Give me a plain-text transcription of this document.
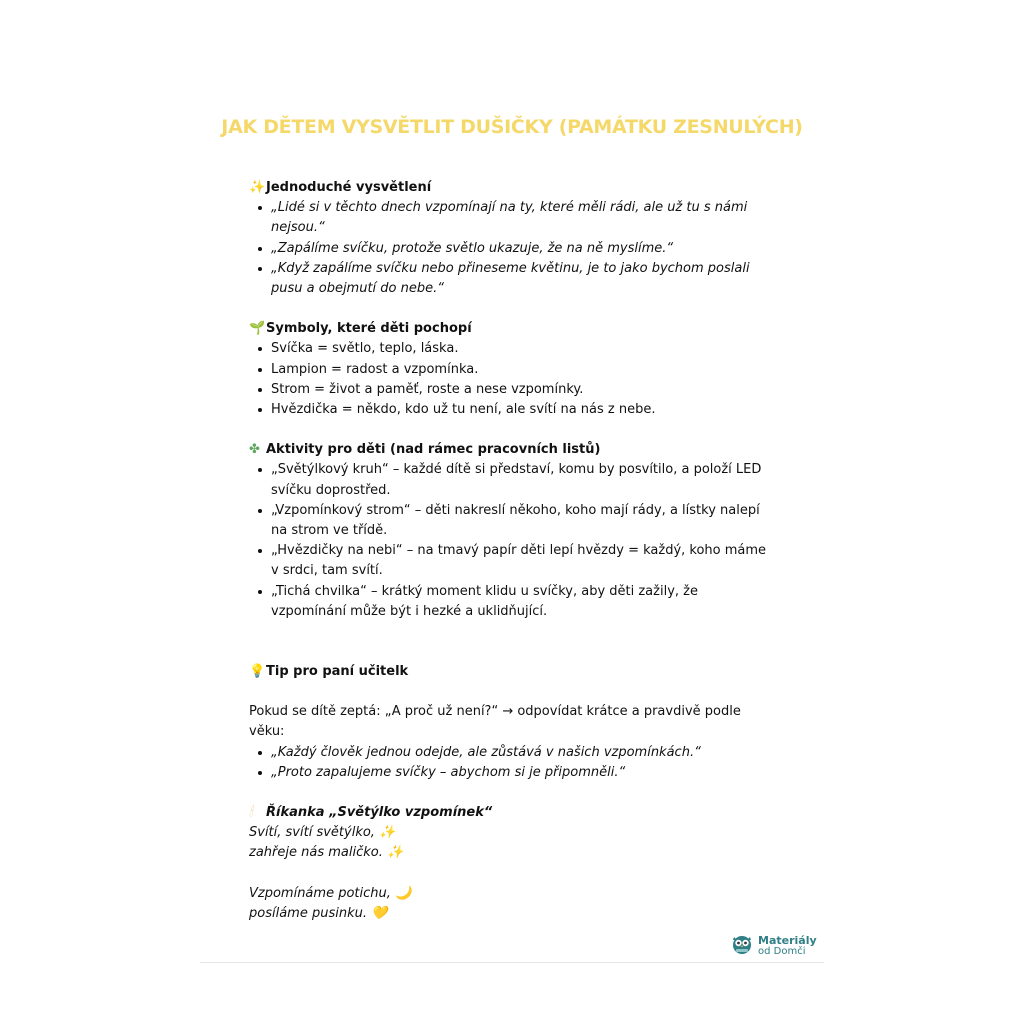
JAK DĚTEM VYSVĚTLIT DUŠIČKY (PAMÁTKU ZESNULÝCH)
✨ Jednoduché vysvětlení
„Lidé si v těchto dnech vzpomínají na ty, které měli rádi, ale už tu s námi nejsou.“
„Zapálíme svíčku, protože světlo ukazuje, že na ně myslíme.“
„Když zapálíme svíčku nebo přineseme květinu, je to jako bychom poslali pusu a obejmutí do nebe.“
🌱 Symboly, které děti pochopí
Svíčka = světlo, teplo, láska.
Lampion = radost a vzpomínka.
Strom = život a paměť, roste a nese vzpomínky.
Hvězdička = někdo, kdo už tu není, ale svítí na nás z nebe.
✤ Aktivity pro děti (nad rámec pracovních listů)
„Světýlkový kruh“ – každé dítě si představí, komu by posvítilo, a položí LED svíčku doprostřed.
„Vzpomínkový strom“ – děti nakreslí někoho, koho mají rády, a lístky nalepí na strom ve třídě.
„Hvězdičky na nebi“ – na tmavý papír děti lepí hvězdy = každý, koho máme v srdci, tam svítí.
„Tichá chvilka“ – krátký moment klidu u svíčky, aby děti zažily, že vzpomínání může být i hezké a uklidňující.
💡 Tip pro paní učitelk

Pokud se dítě zeptá: „A proč už není?“ → odpovídat krátce a pravdivě podle věku:

„Každý člověk jednou odejde, ale zůstává v našich vzpomínkách.“
„Proto zapalujeme svíčky – abychom si je připomněli.“
🕯	Říkanka „Světýlko vzpomínek“

Svítí, svítí světýlko, ✨

zahřeje nás maličko. ✨

Vzpomínáme potichu, 🌙

posíláme pusinku. 💛

Materiály
od Domči
